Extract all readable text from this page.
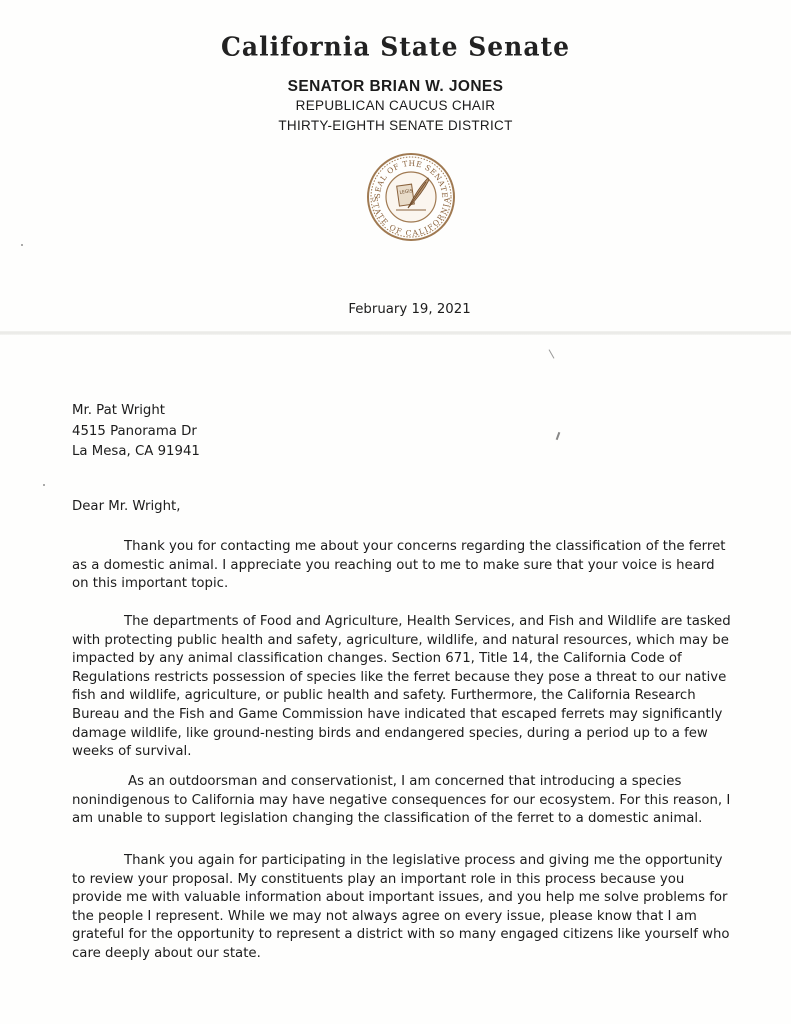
California State Senate
SENATOR BRIAN W. JONES
REPUBLICAN CAUCUS CHAIR
THIRTY-EIGHTH SENATE DISTRICT
SEAL OF THE SENATE
STATE OF CALIFORNIA
LEGIS
February 19, 2021
Mr. Pat Wright
4515 Panorama Dr
La Mesa, CA 91941
Dear Mr. Wright,

Thank you for contacting me about your concerns regarding the classification of the ferret as a domestic animal. I appreciate you reaching out to me to make sure that your voice is heard on this important topic.

The departments of Food and Agriculture, Health Services, and Fish and Wildlife are tasked with protecting public health and safety, agriculture, wildlife, and natural resources, which may be impacted by any animal classification changes. Section 671, Title 14, the California Code of Regulations restricts possession of species like the ferret because they pose a threat to our native fish and wildlife, agriculture, or public health and safety. Furthermore, the California Research Bureau and the Fish and Game Commission have indicated that escaped ferrets may significantly damage wildlife, like ground-nesting birds and endangered species, during a period up to a few weeks of survival.

As an outdoorsman and conservationist, I am concerned that introducing a species nonindigenous to California may have negative consequences for our ecosystem. For this reason, I am unable to support legislation changing the classification of the ferret to a domestic animal.

Thank you again for participating in the legislative process and giving me the opportunity to review your proposal. My constituents play an important role in this process because you provide me with valuable information about important issues, and you help me solve problems for the people I represent. While we may not always agree on every issue, please know that I am grateful for the opportunity to represent a district with so many engaged citizens like yourself who care deeply about our state.
